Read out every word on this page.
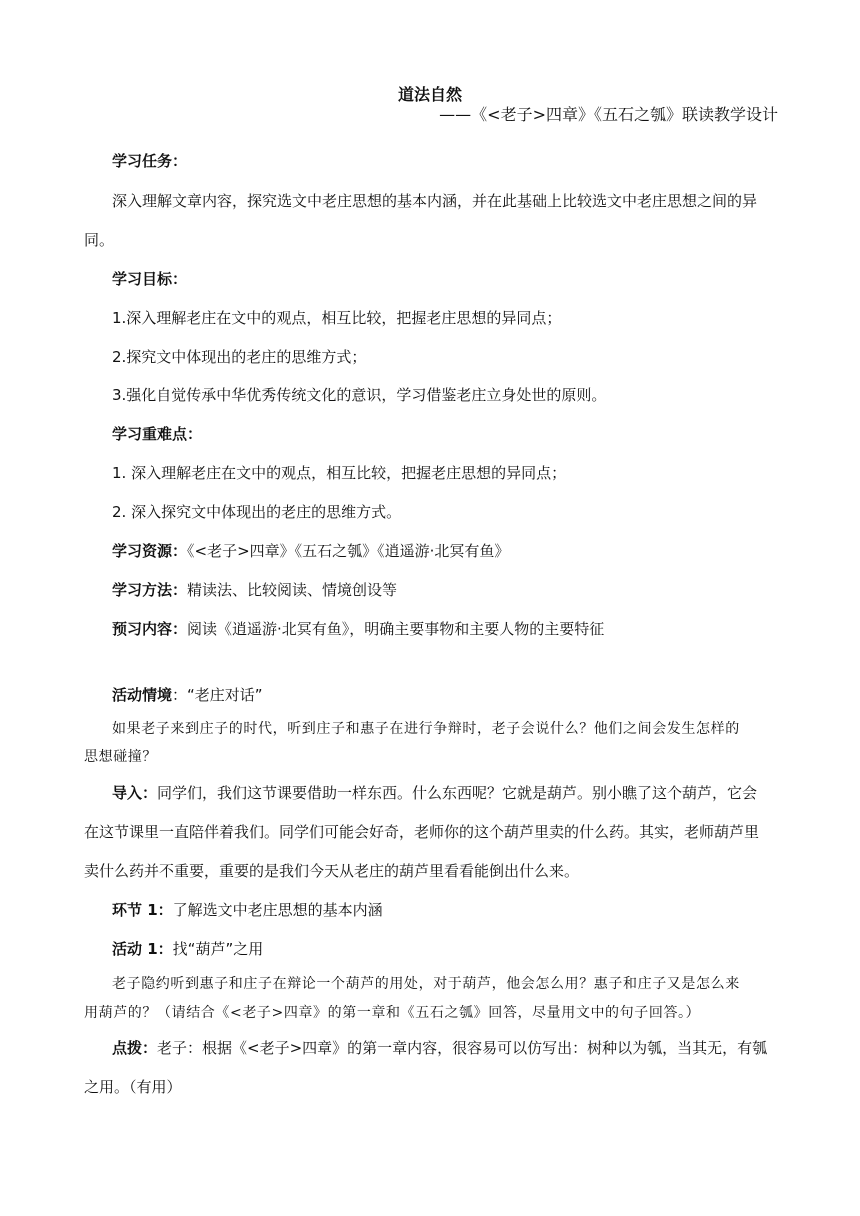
道法自然
——《<老子>四章》《五石之瓠》联读教学设计
学习任务：
深入理解文章内容，探究选文中老庄思想的基本内涵，并在此基础上比较选文中老庄思想之间的异
同。
学习目标：
1.深入理解老庄在文中的观点，相互比较，把握老庄思想的异同点；
2.探究文中体现出的老庄的思维方式；
3.强化自觉传承中华优秀传统文化的意识，学习借鉴老庄立身处世的原则。
学习重难点：
1. 深入理解老庄在文中的观点，相互比较，把握老庄思想的异同点；
2. 深入探究文中体现出的老庄的思维方式。
学习资源：《<老子>四章》《五石之瓠》《逍遥游·北冥有鱼》
学习方法：精读法、比较阅读、情境创设等
预习内容：阅读《逍遥游·北冥有鱼》，明确主要事物和主要人物的主要特征
活动情境：“老庄对话”
如果老子来到庄子的时代，听到庄子和惠子在进行争辩时，老子会说什么？他们之间会发生怎样的
思想碰撞？
导入：同学们，我们这节课要借助一样东西。什么东西呢？它就是葫芦。别小瞧了这个葫芦，它会
在这节课里一直陪伴着我们。同学们可能会好奇，老师你的这个葫芦里卖的什么药。其实，老师葫芦里
卖什么药并不重要，重要的是我们今天从老庄的葫芦里看看能倒出什么来。
环节 1：了解选文中老庄思想的基本内涵
活动 1：找“葫芦”之用
老子隐约听到惠子和庄子在辩论一个葫芦的用处，对于葫芦，他会怎么用？惠子和庄子又是怎么来
用葫芦的？（请结合《<老子>四章》的第一章和《五石之瓠》回答，尽量用文中的句子回答。）
点拨：老子：根据《<老子>四章》的第一章内容，很容易可以仿写出：树种以为瓠，当其无，有瓠
之用。（有用）
